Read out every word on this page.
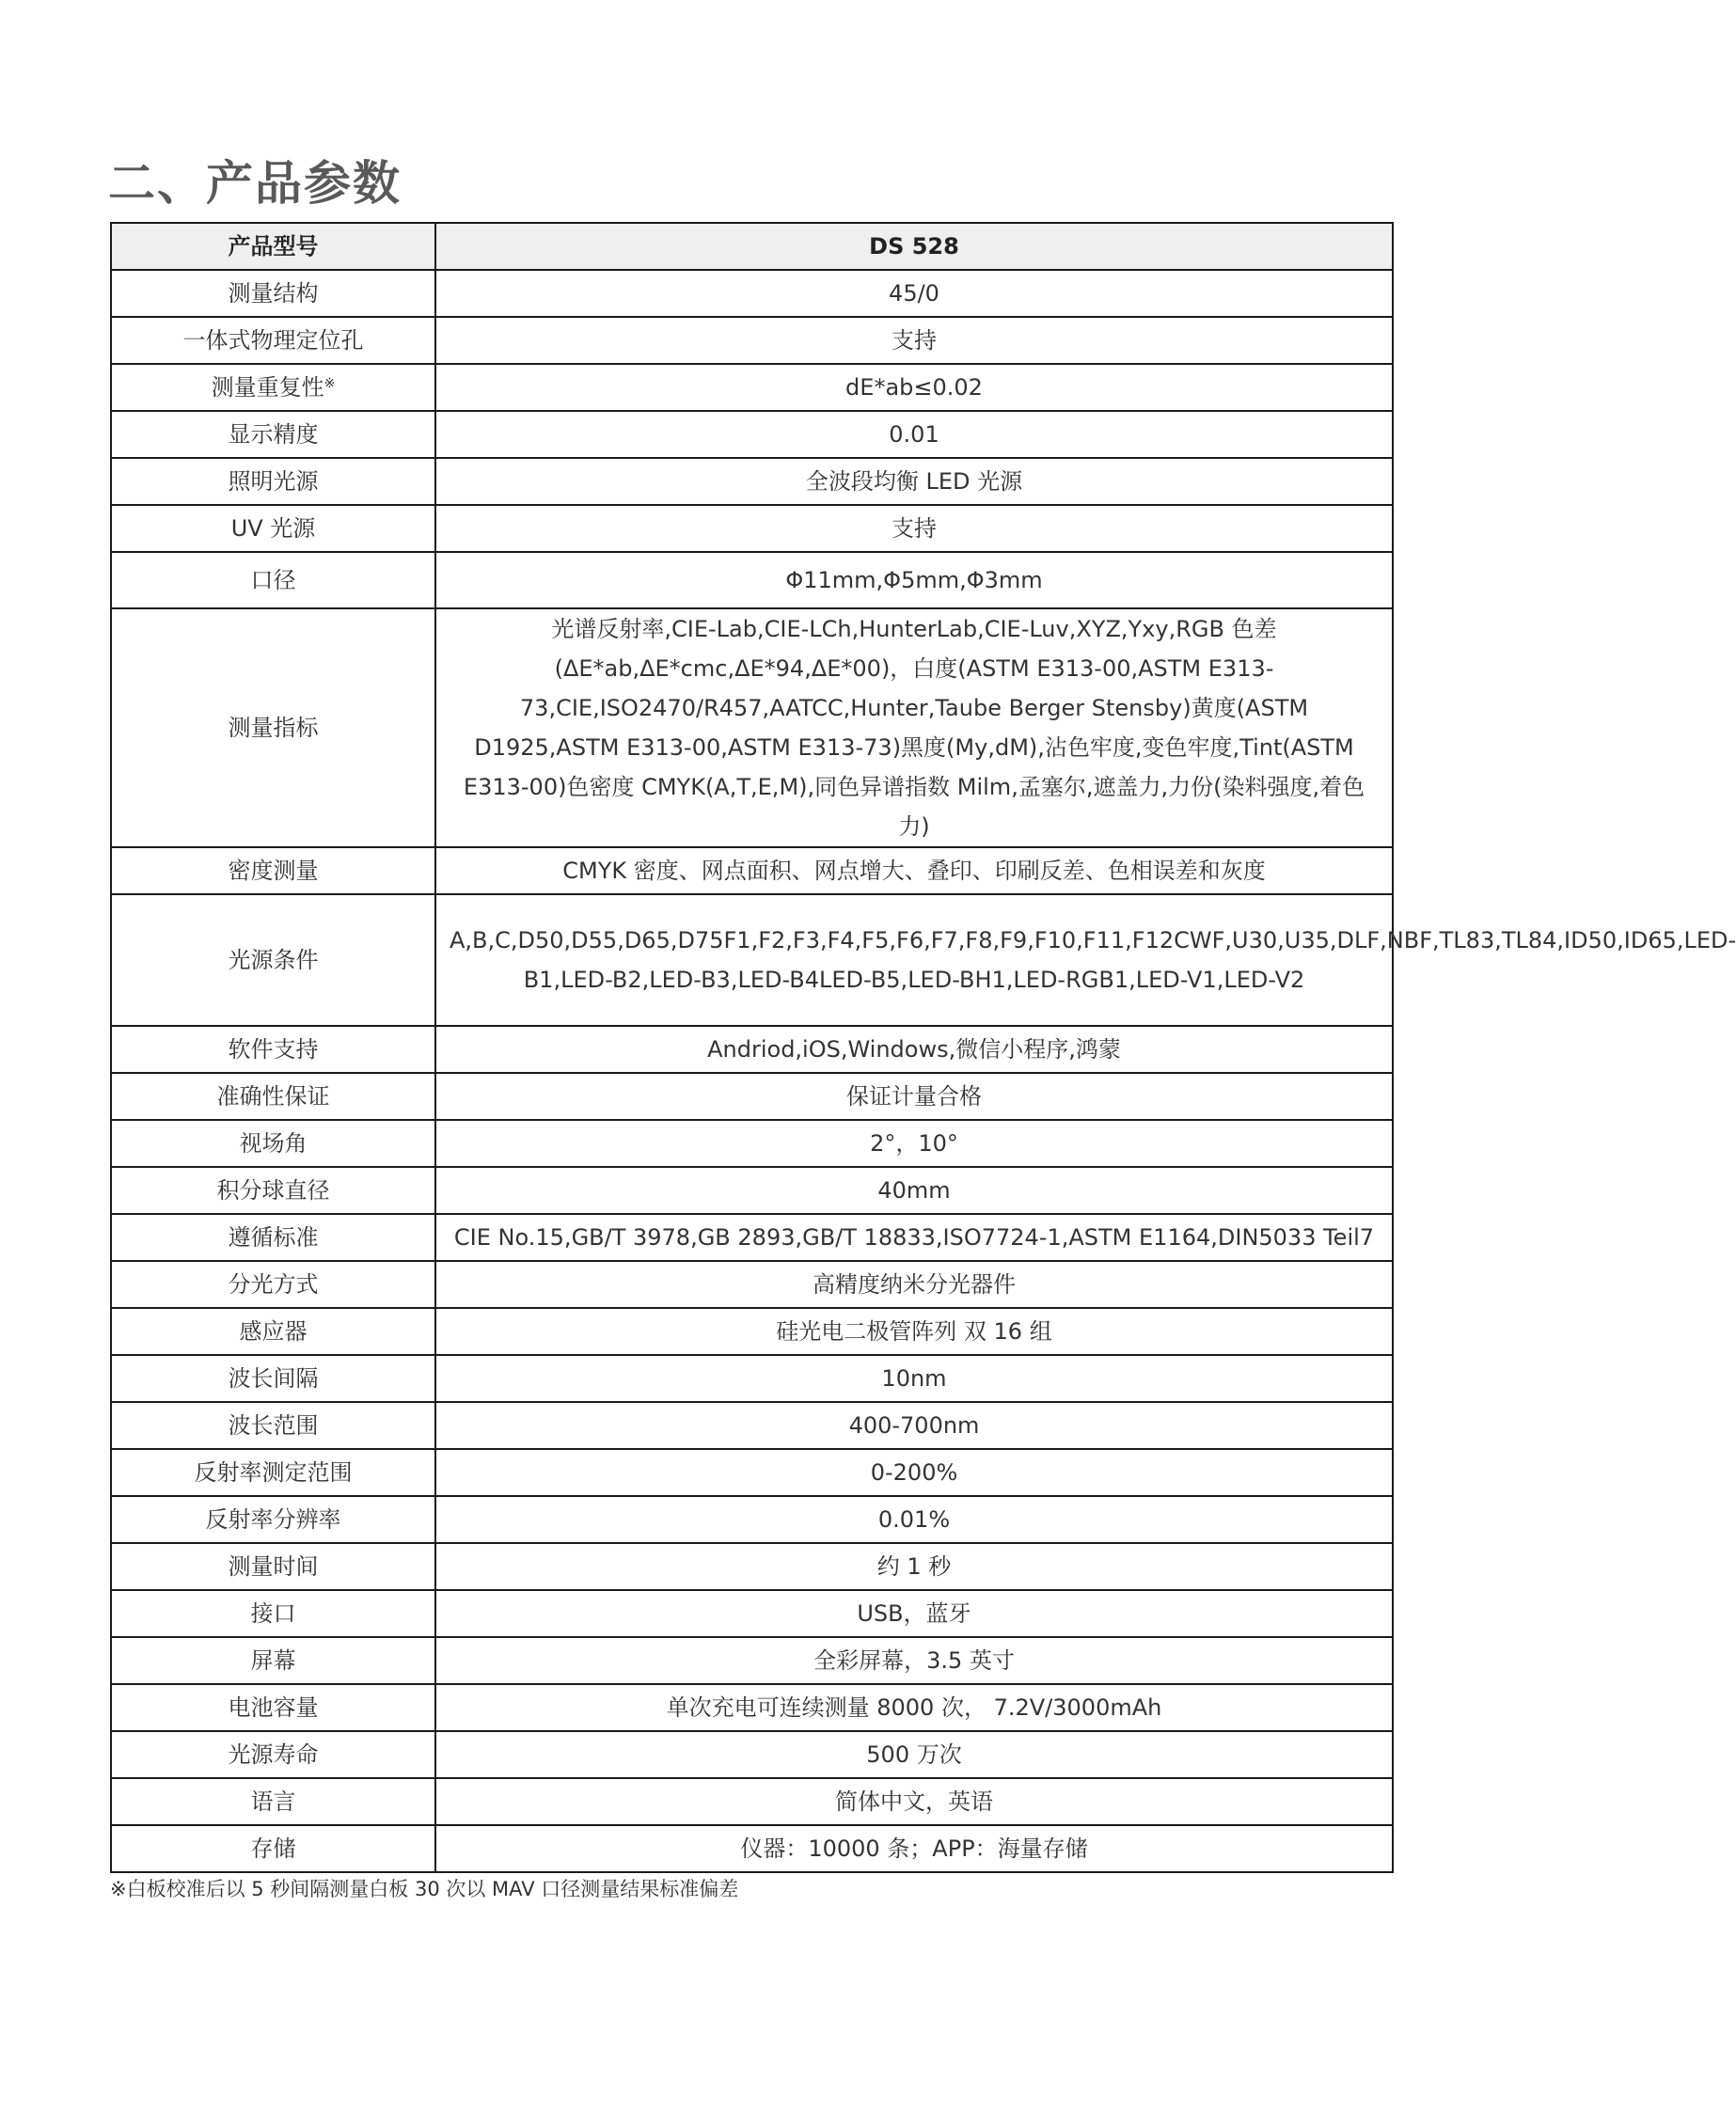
二、产品参数
产品型号	DS 528
测量结构	45/0
一体式物理定位孔	支持
测量重复性※	dE*ab≤0.02
显示精度	0.01
照明光源	全波段均衡 LED 光源
UV 光源	支持
口径	Φ11mm,Φ5mm,Φ3mm
测量指标	光谱反射率,CIE-Lab,CIE-LCh,HunterLab,CIE-Luv,XYZ,Yxy,RGB 色差(ΔE*ab,ΔE*cmc,ΔE*94,ΔE*00)，白度(ASTM E313-00,ASTM E313-73,CIE,ISO2470/R457,AATCC,Hunter,Taube Berger Stensby)黄度(ASTM D1925,ASTM E313-00,ASTM E313-73)黑度(My,dM),沾色牢度,变色牢度,Tint(ASTM E313-00)色密度 CMYK(A,T,E,M),同色异谱指数 Milm,孟塞尔,遮盖力,力份(染料强度,着色力)
密度测量	CMYK 密度、网点面积、网点增大、叠印、印刷反差、色相误差和灰度
光源条件	A,B,C,D50,D55,D65,D75F1,F2,F3,F4,F5,F6,F7,F8,F9,F10,F11,F12CWF,U30,U35,DLF,NBF,TL83,TL84,ID50,ID65,LED-B1,LED-B2,LED-B3,LED-B4LED-B5,LED-BH1,LED-RGB1,LED-V1,LED-V2
软件支持	Andriod,iOS,Windows,微信小程序,鸿蒙
准确性保证	保证计量合格
视场角	2°，10°
积分球直径	40mm
遵循标准	CIE No.15,GB/T 3978,GB 2893,GB/T 18833,ISO7724-1,ASTM E1164,DIN5033 Teil7
分光方式	高精度纳米分光器件
感应器	硅光电二极管阵列 双 16 组
波长间隔	10nm
波长范围	400-700nm
反射率测定范围	0-200%
反射率分辨率	0.01%
测量时间	约 1 秒
接口	USB，蓝牙
屏幕	全彩屏幕，3.5 英寸
电池容量	单次充电可连续测量 8000 次， 7.2V/3000mAh
光源寿命	500 万次
语言	简体中文，英语
存储	仪器：10000 条；APP：海量存储
※白板校准后以 5 秒间隔测量白板 30 次以 MAV 口径测量结果标准偏差
